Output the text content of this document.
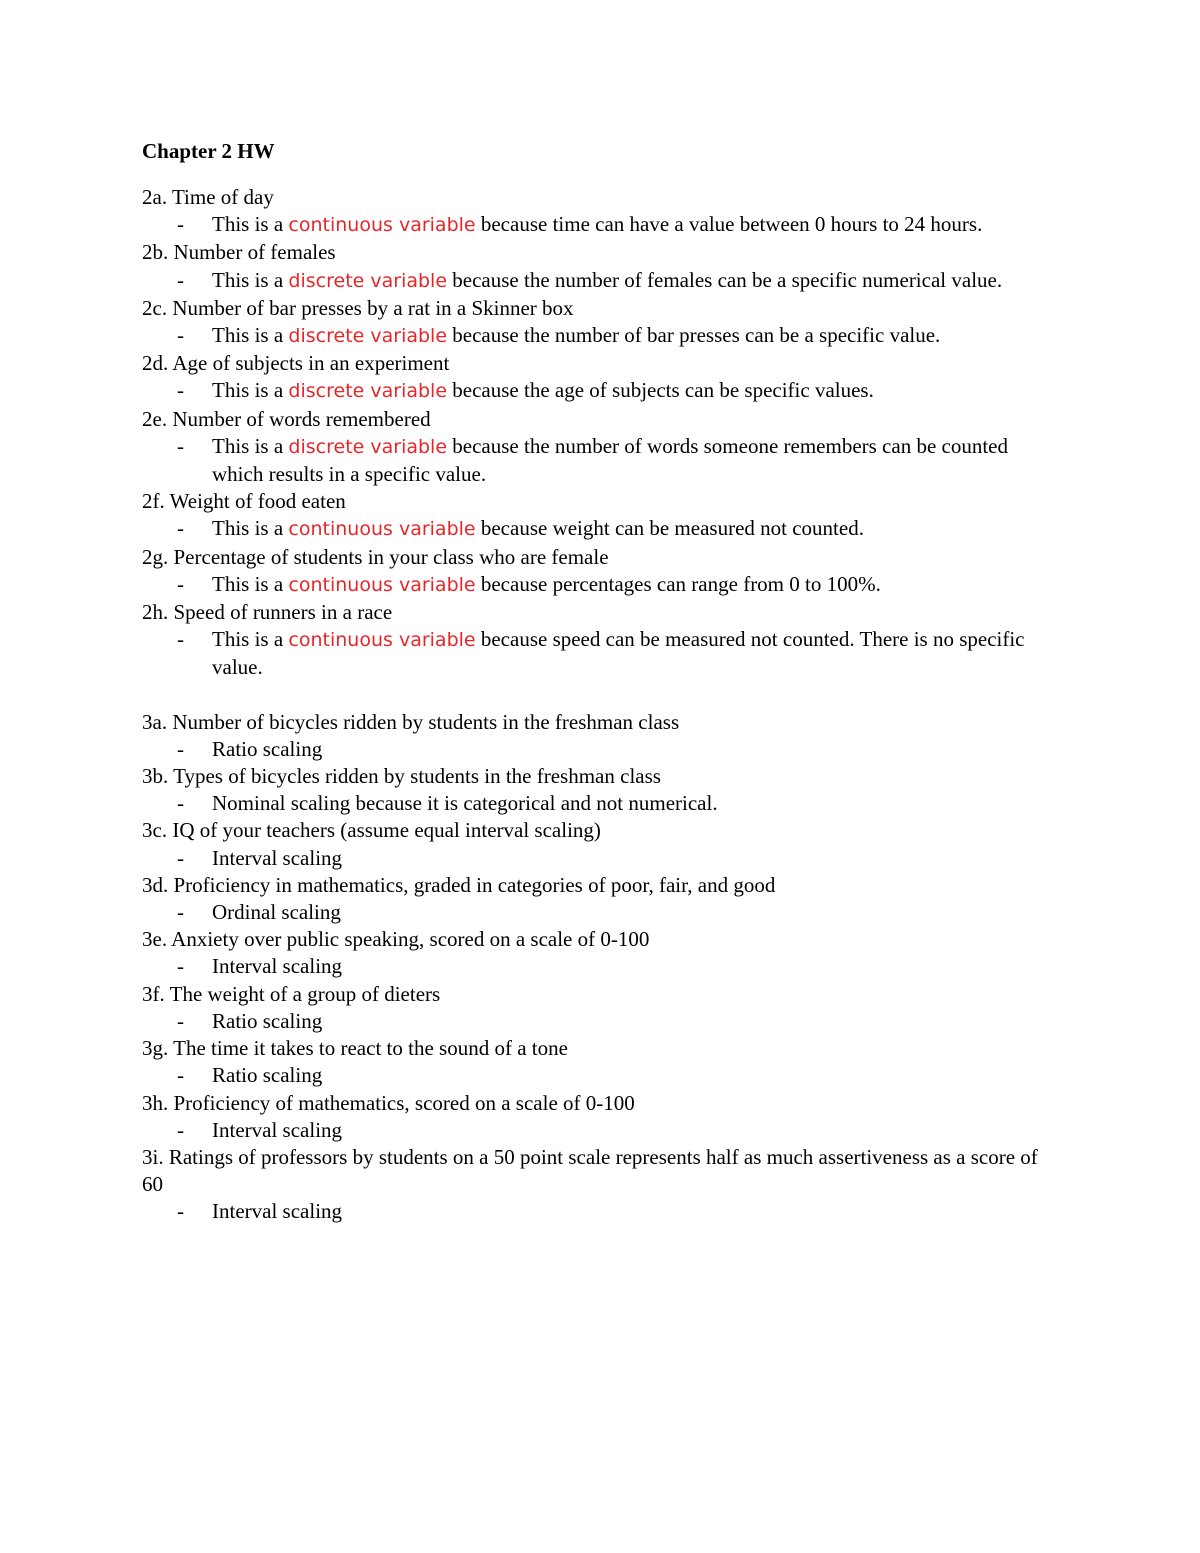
Chapter 2 HW

2a. Time of day

- This is a continuous variable because time can have a value between 0 hours to 24 hours.

2b. Number of females

- This is a discrete variable because the number of females can be a specific numerical value.

2c. Number of bar presses by a rat in a Skinner box

- This is a discrete variable because the number of bar presses can be a specific value.

2d. Age of subjects in an experiment

- This is a discrete variable because the age of subjects can be specific values.

2e. Number of words remembered

- This is a discrete variable because the number of words someone remembers can be counted which results in a specific value.

2f. Weight of food eaten

- This is a continuous variable because weight can be measured not counted.

2g. Percentage of students in your class who are female

- This is a continuous variable because percentages can range from 0 to 100%.

2h. Speed of runners in a race

- This is a continuous variable because speed can be measured not counted. There is no specific value.

3a. Number of bicycles ridden by students in the freshman class

- Ratio scaling

3b. Types of bicycles ridden by students in the freshman class

- Nominal scaling because it is categorical and not numerical.

3c. IQ of your teachers (assume equal interval scaling)

- Interval scaling

3d. Proficiency in mathematics, graded in categories of poor, fair, and good

- Ordinal scaling

3e. Anxiety over public speaking, scored on a scale of 0-100

- Interval scaling

3f. The weight of a group of dieters

- Ratio scaling

3g. The time it takes to react to the sound of a tone

- Ratio scaling

3h. Proficiency of mathematics, scored on a scale of 0-100

- Interval scaling

3i. Ratings of professors by students on a 50 point scale represents half as much assertiveness as a score of 60

- Interval scaling
